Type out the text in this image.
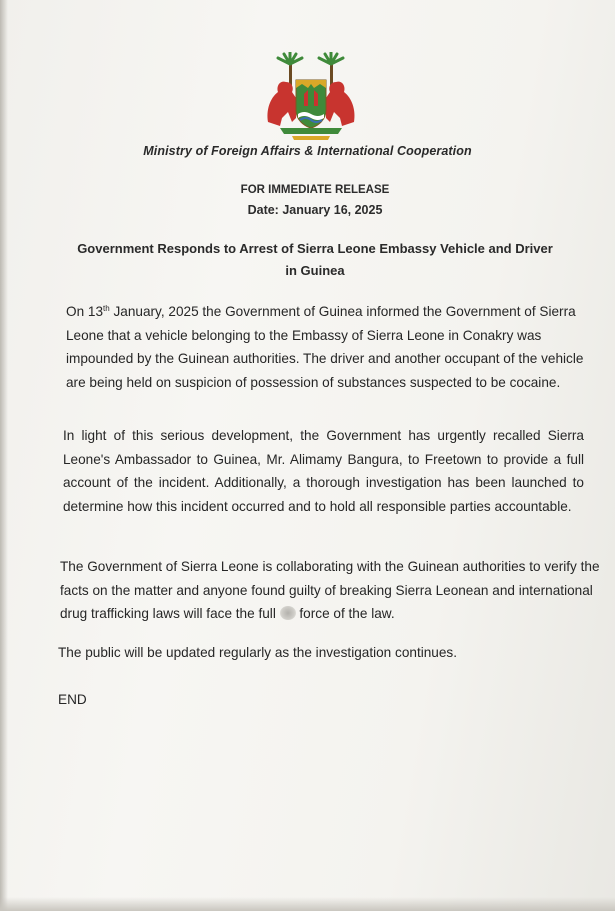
Ministry of Foreign Affairs & International Cooperation
FOR IMMEDIATE RELEASE
Date: January 16, 2025
Government Responds to Arrest of Sierra Leone Embassy Vehicle and Driver in Guinea

On 13th January, 2025 the Government of Guinea informed the Government of Sierra Leone that a vehicle belonging to the Embassy of Sierra Leone in Conakry was impounded by the Guinean authorities. The driver and another occupant of the vehicle are being held on suspicion of possession of substances suspected to be cocaine.

In light of this serious development, the Government has urgently recalled Sierra Leone's Ambassador to Guinea, Mr. Alimamy Bangura, to Freetown to provide a full account of the incident. Additionally, a thorough investigation has been launched to determine how this incident occurred and to hold all responsible parties accountable.

The Government of Sierra Leone is collaborating with the Guinean authorities to verify the facts on the matter and anyone found guilty of breaking Sierra Leonean and international drug trafficking laws will face the full force of the law.

The public will be updated regularly as the investigation continues.

END
